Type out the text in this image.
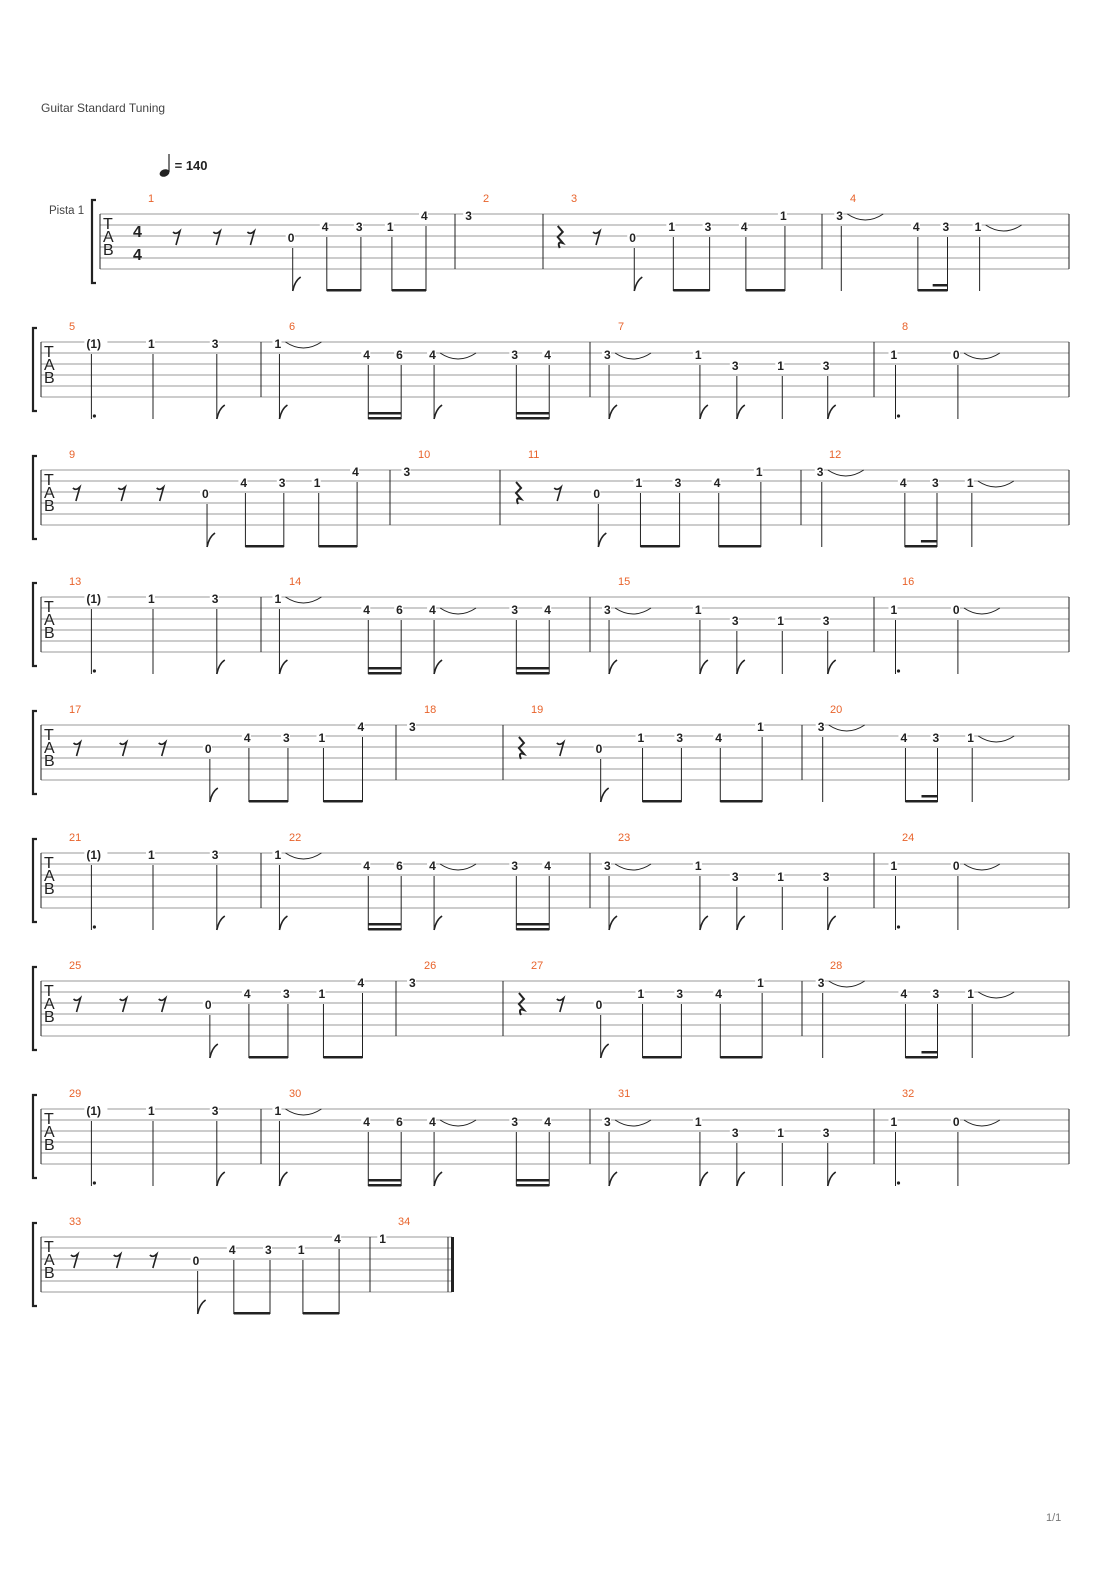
Guitar Standard Tuning
= 140
Pista 1
1/1
T
A
B
4
4
1
0
4 3 1
4
2
3
3
0
1 3 4
1
4
3
4 3 1
T
A
B
5
(1)	1	3
6
1
4 6 4	3 4
7
3	1
3	1	3
8
1	0
T
A
B
9
0
4	3 1
4
10
3
11
0
1	3	4
1
12
3
4 3 1
T
A
B
13
(1)	1	3
14
1
4 6 4	3 4
15
3	1
3	1	3
16
1	0
T
A
B
17
0
4	3 1
4
18
3
19
0
1	3	4
1
20
3
4 3 1
T
A
B
21
(1)	1	3
22
1
4 6 4	3 4
23
3	1
3	1	3
24
1	0
T
A
B
25
0
4	3 1
4
26
3
27
0
1	3	4
1
28
3
4 3 1
T
A
B
29
(1)	1	3
30
1
4 6 4	3 4
31
3	1
3	1	3
32
1	0
T
A
B
33
0
4 3 1
4
34
1
